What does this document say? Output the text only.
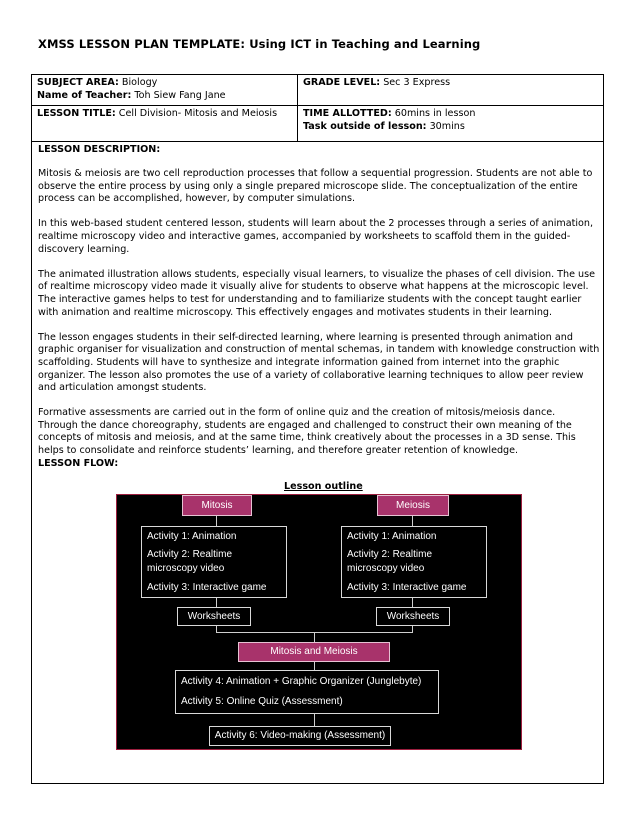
XMSS LESSON PLAN TEMPLATE: Using ICT in Teaching and Learning
SUBJECT AREA: Biology
Name of Teacher: Toh Siew Fang Jane
GRADE LEVEL: Sec 3 Express
LESSON TITLE: Cell Division- Mitosis and Meiosis	TIME ALLOTTED: 60mins in lesson
Task outside of lesson: 30mins
LESSON DESCRIPTION:

Mitosis & meiosis are two cell reproduction processes that follow a sequential progression. Students are not able to observe the entire process by using only a single prepared microscope slide. The conceptualization of the entire process can be accomplished, however, by computer simulations.

In this web-based student centered lesson, students will learn about the 2 processes through a series of animation, realtime microscopy video and interactive games, accompanied by worksheets to scaffold them in the guided-discovery learning.

The animated illustration allows students, especially visual learners, to visualize the phases of cell division. The use of realtime microscopy video made it visually alive for students to observe what happens at the microscopic level. The interactive games helps to test for understanding and to familiarize students with the concept taught earlier with animation and realtime microscopy. This effectively engages and motivates students in their learning.

The lesson engages students in their self-directed learning, where learning is presented through animation and graphic organiser for visualization and construction of mental schemas, in tandem with knowledge construction with scaffolding. Students will have to synthesize and integrate information gained from internet into the graphic organizer. The lesson also promotes the use of a variety of collaborative learning techniques to allow peer review and articulation amongst students.

Formative assessments are carried out in the form of online quiz and the creation of mitosis/meiosis dance.
Through the dance choreography, students are engaged and challenged to construct their own meaning of the concepts of mitosis and meiosis, and at the same time, think creatively about the processes in a 3D sense. This helps to consolidate and reinforce students’ learning, and therefore greater retention of knowledge.

LESSON FLOW:
Lesson outline
Mitosis	Meiosis
Activity 1: Animation
Activity 2: Realtime
microscopy video
Activity 3: Interactive game
Activity 1: Animation
Activity 2: Realtime
microscopy video
Activity 3: Interactive game
Worksheets	Worksheets
Mitosis and Meiosis
Activity 4: Animation + Graphic Organizer (Junglebyte)
Activity 5: Online Quiz (Assessment)
Activity 6: Video-making (Assessment)
